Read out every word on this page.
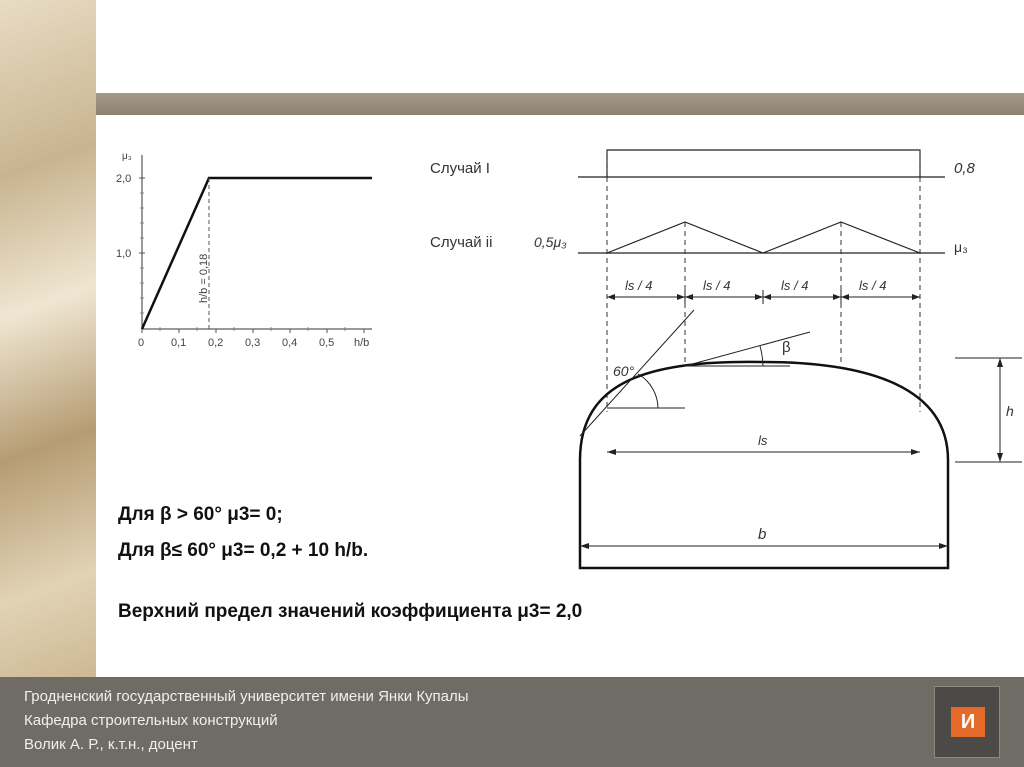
μ₃
2,0
1,0
0 0,1 0,2 0,3 0,4 0,5 h/b
h/b = 0,18
Случай I	0,8
Случай ii	0,5μ₃	μ₃
ls / 4	ls / 4	ls / 4	ls / 4
60°
β
ls
h
b
Для β > 60° μ3= 0;
Для β≤ 60° μ3= 0,2 + 10 h/b.
Верхний предел значений коэффициента μ3= 2,0
Гродненский государственный университет имени Янки Купалы
Кафедра строительных конструкций
Волик А. Р., к.т.н., доцент
И
